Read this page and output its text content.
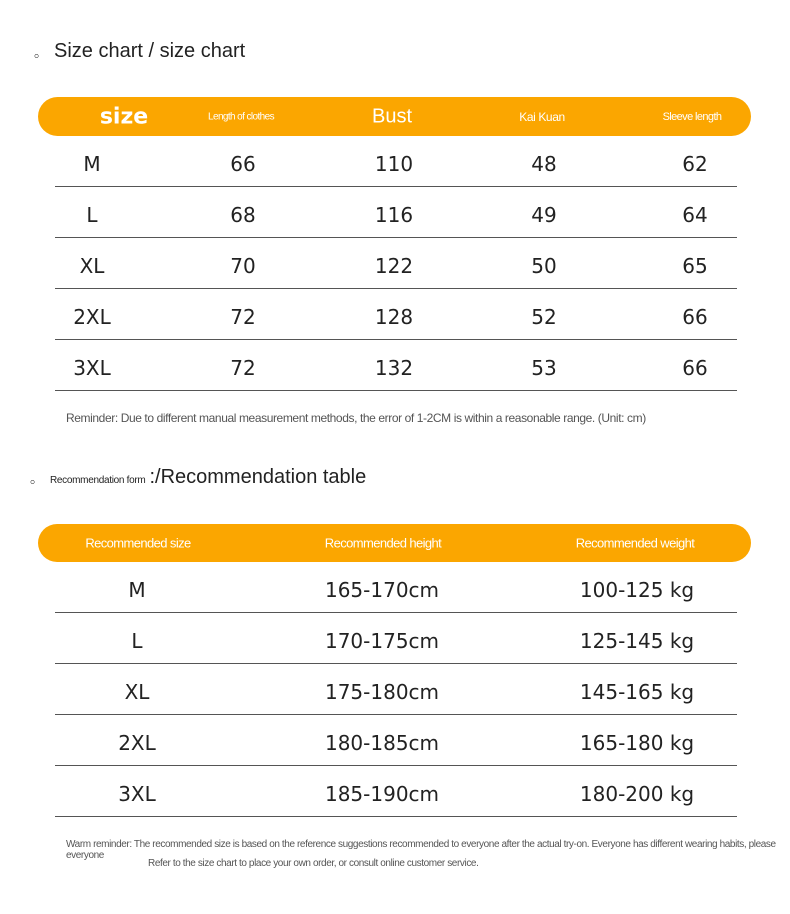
。 Size chart / size chart
size	Length of clothes	Bust	Kai Kuan	Sleeve length
M	66	110	48	62
L	68	116	49	64
XL	70	122	50	65
2XL	72	128	52	66
3XL	72	132	53	66
Reminder: Due to different manual measurement methods, the error of 1-2CM is within a reasonable range. (Unit: cm)
。 Recommendation form :/Recommendation table
Recommended size	Recommended height	Recommended weight
M	165-170cm	100-125 kg
L	170-175cm	125-145 kg
XL	175-180cm	145-165 kg
2XL	180-185cm	165-180 kg
3XL	185-190cm	180-200 kg
Warm reminder: The recommended size is based on the reference suggestions recommended to everyone after the actual try-on. Everyone has different wearing habits, please everyone
Refer to the size chart to place your own order, or consult online customer service.
